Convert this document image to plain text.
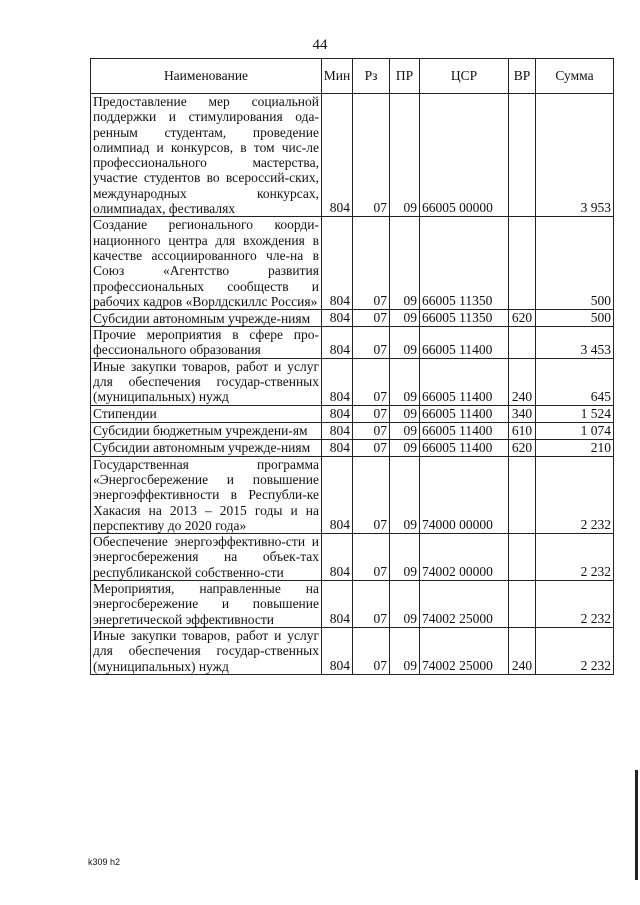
44
Наименование	Мин	Рз	ПР	ЦСР	ВР	Сумма
Предоставление мер социальной поддержки и стимулирования ода-ренным студентам, проведение олимпиад и конкурсов, в том чис-ле профессионального мастерства, участие студентов во всероссий-ских, международных конкурсах, олимпиадах, фестивалях	804	07	09	66005 00000		3 953
Создание регионального коорди-национного центра для вхождения в качестве ассоциированного чле-на в Союз «Агентство развития профессиональных сообществ и рабочих кадров «Ворлдскиллс Россия»	804	07	09	66005 11350		500
Субсидии автономным учрежде-ниям	804	07	09	66005 11350	620	500
Прочие мероприятия в сфере про-фессионального образования	804	07	09	66005 11400		3 453
Иные закупки товаров, работ и услуг для обеспечения государ-ственных (муниципальных) нужд	804	07	09	66005 11400	240	645
Стипендии	804	07	09	66005 11400	340	1 524
Субсидии бюджетным учреждени-ям	804	07	09	66005 11400	610	1 074
Субсидии автономным учрежде-ниям	804	07	09	66005 11400	620	210
Государственная программа «Энергосбережение и повышение энергоэффективности в Республи-ке Хакасия на 2013 – 2015 годы и на перспективу до 2020 года»	804	07	09	74000 00000		2 232
Обеспечение энергоэффективно-сти и энергосбережения на объек-тах республиканской собственно-сти	804	07	09	74002 00000		2 232
Мероприятия, направленные на энергосбережение и повышение энергетической эффективности	804	07	09	74002 25000		2 232
Иные закупки товаров, работ и услуг для обеспечения государ-ственных (муниципальных) нужд	804	07	09	74002 25000	240	2 232
k309 h2
